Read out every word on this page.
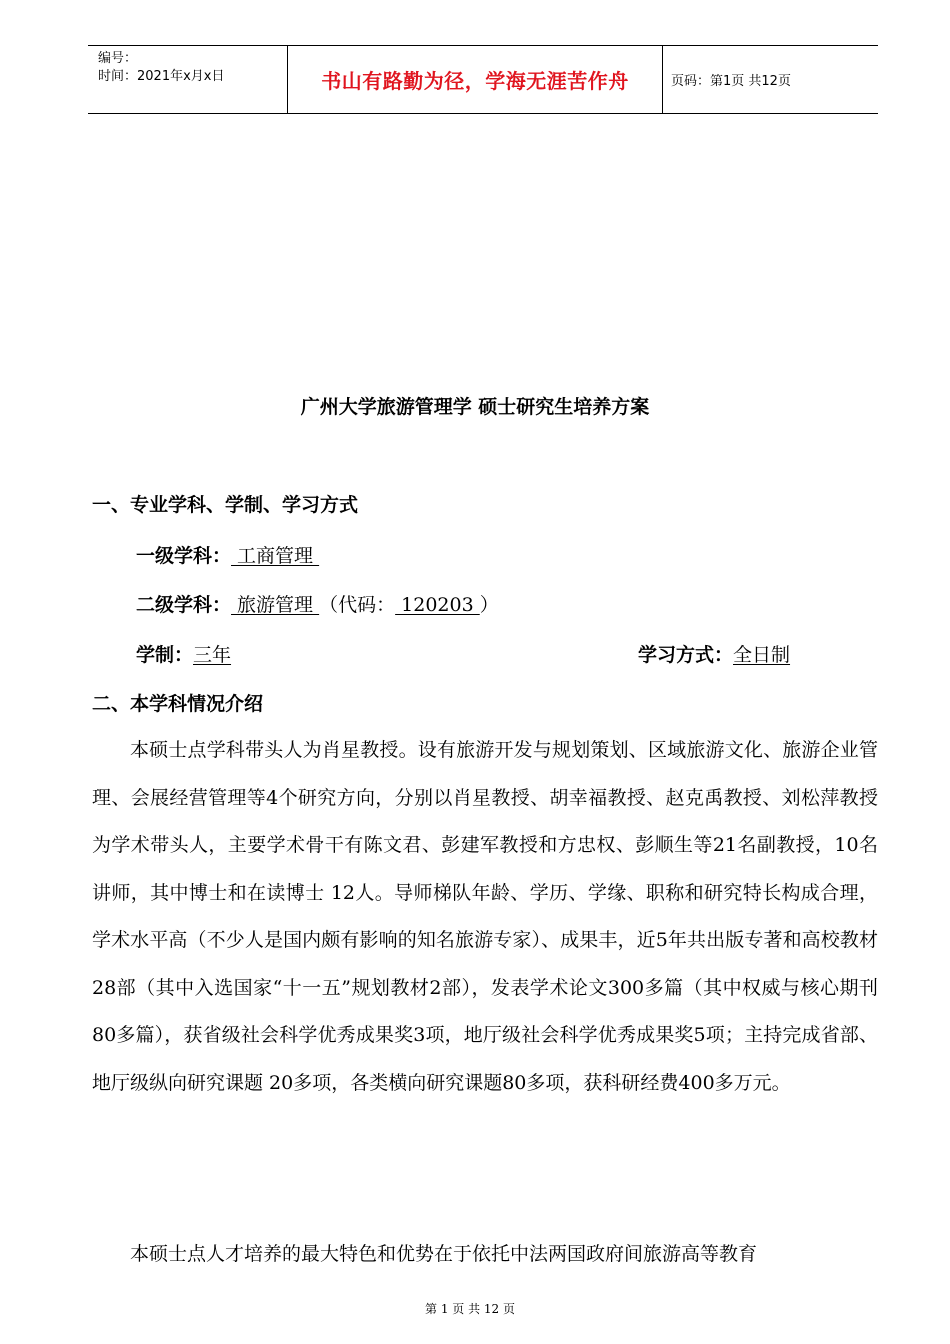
编号：
时间：2021年x月x日	书山有路勤为径，学海无涯苦作舟	页码：第1页 共12页
广州大学旅游管理学 硕士研究生培养方案
一、专业学科、学制、学习方式
一级学科： 工商管理
二级学科： 旅游管理 （代码： 120203 ）
学制：三年	学习方式：全日制
二、本学科情况介绍
本硕士点学科带头人为肖星教授。设有旅游开发与规划策划、区域旅游文化、旅游企业管理、会展经营管理等4个研究方向，分别以肖星教授、胡幸福教授、赵克禹教授、刘松萍教授为学术带头人，主要学术骨干有陈文君、彭建军教授和方忠权、彭顺生等21名副教授，10名讲师，其中博士和在读博士 12人。导师梯队年龄、学历、学缘、职称和研究特长构成合理，学术水平高（不少人是国内颇有影响的知名旅游专家）、成果丰，近5年共出版专著和高校教材28部（其中入选国家“十一五”规划教材2部），发表学术论文300多篇（其中权威与核心期刊80多篇），获省级社会科学优秀成果奖3项，地厅级社会科学优秀成果奖5项；主持完成省部、地厅级纵向研究课题 20多项，各类横向研究课题80多项，获科研经费400多万元。
本硕士点人才培养的最大特色和优势在于依托中法两国政府间旅游高等教育
第 1 页 共 12 页
